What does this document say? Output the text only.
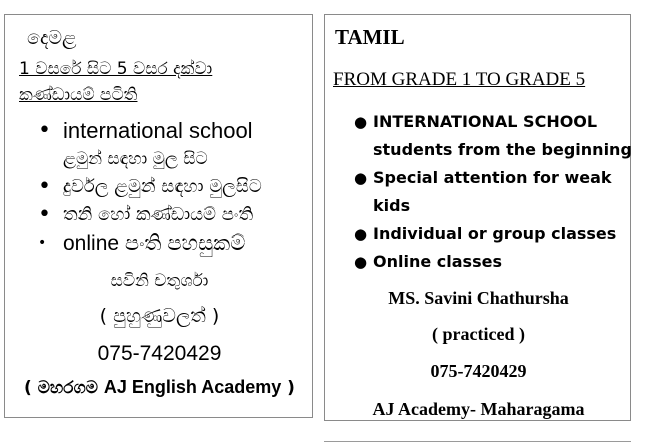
දෙමළ
1 වසරේ සිට 5 වසර දක්වා
කණ්ඩායම් පටිති
• international school
ළමුන් සඳහා මුල සිට
• දුර්වල ළමුන් සඳහා මුලසිට
• තනි හෝ කණ්ඩායම් පංති
• online පංති පහසුකම්
සවිනි චතුර්ශා
( පුහුණුවලත් )
075-7420429
( මහරගම AJ English Academy )
TAMIL
FROM GRADE 1 TO GRADE 5
● INTERNATIONAL SCHOOL
students from the beginning
● Special attention for weak
kids
● Individual or group classes
● Online classes
MS. Savini Chathursha
( practiced )
075-7420429
AJ Academy- Maharagama
